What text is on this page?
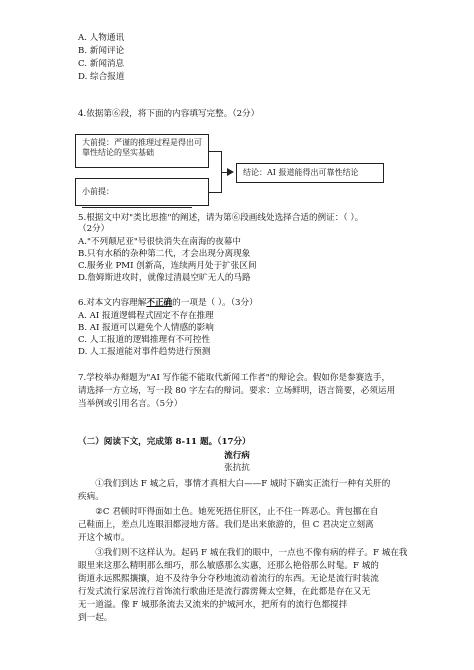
A. 人物通讯
B. 新闻评论
C. 新闻消息
D. 综合报道
4.依据第⑥段，将下面的内容填写完整。（2分）
大前提：严谨的推理过程是得出可靠性结论的坚实基础
小前提：
结论：AI 报道能得出可靠性结论
5.根据文中对"类比思推"的阐述，请为第⑥段画线处选择合适的例证：（ ）。
（2分）
A."不列颠尼亚"号很快消失在南海的夜幕中
B.只有水稻的杂种第二代，才会出现分离现象
C.服务业 PMI 创新高，连续两月处于扩张区间
D.詹姆斯进攻时，就像过清晨空旷无人的马路
6.对本文内容理解不正确的一项是（ ）。（3分）
A. AI 报道逻辑程式固定不存在推理
B. AI 报道可以避免个人情感的影响
C. 人工报道的逻辑推理有不可控性
D. 人工报道能对事件趋势进行预测
7.学校举办辩题为"AI 写作能不能取代新闻工作者"的辩论会。假如你是参赛选手，
请选择一方立场，写一段 80 字左右的辩词。要求：立场鲜明，语言简要，必须运用
当举例或引用名言。（5分）
（二）阅读下文，完成第 8-11 题。（17分）
流行病
张抗抗
①我们到达 F 城之后，事情才真相大白——F 城时下确实正流行一种有关肝的
疾病。
②C 君顿时吓得面如土色。她死死捂住肝区，止不住一阵恶心。背包挪在自
己鞋面上，差点儿连眼泪都浸地方落。我们是出来旅游的，但 C 君决定立刻离
开这个城市。
③我们则不这样认为。起码 F 城在我们的眼中，一点也不像有病的样子。F 城在我
眼里来这那么精明那么细巧，那么敏感那么实惠，还那么艳俗那么时髦。F 城的
街道永远熙熙攘攘，迫不及待争分夺秒地流动着流行的东西。无论是流行时装流
行发式流行家居流行首饰流行歌曲还是流行霹雳舞太空舞，在此都是存在又无
无一道溢。像 F 城那条流去又流来的护城河水，把所有的流行色都搅拌
到一起。
